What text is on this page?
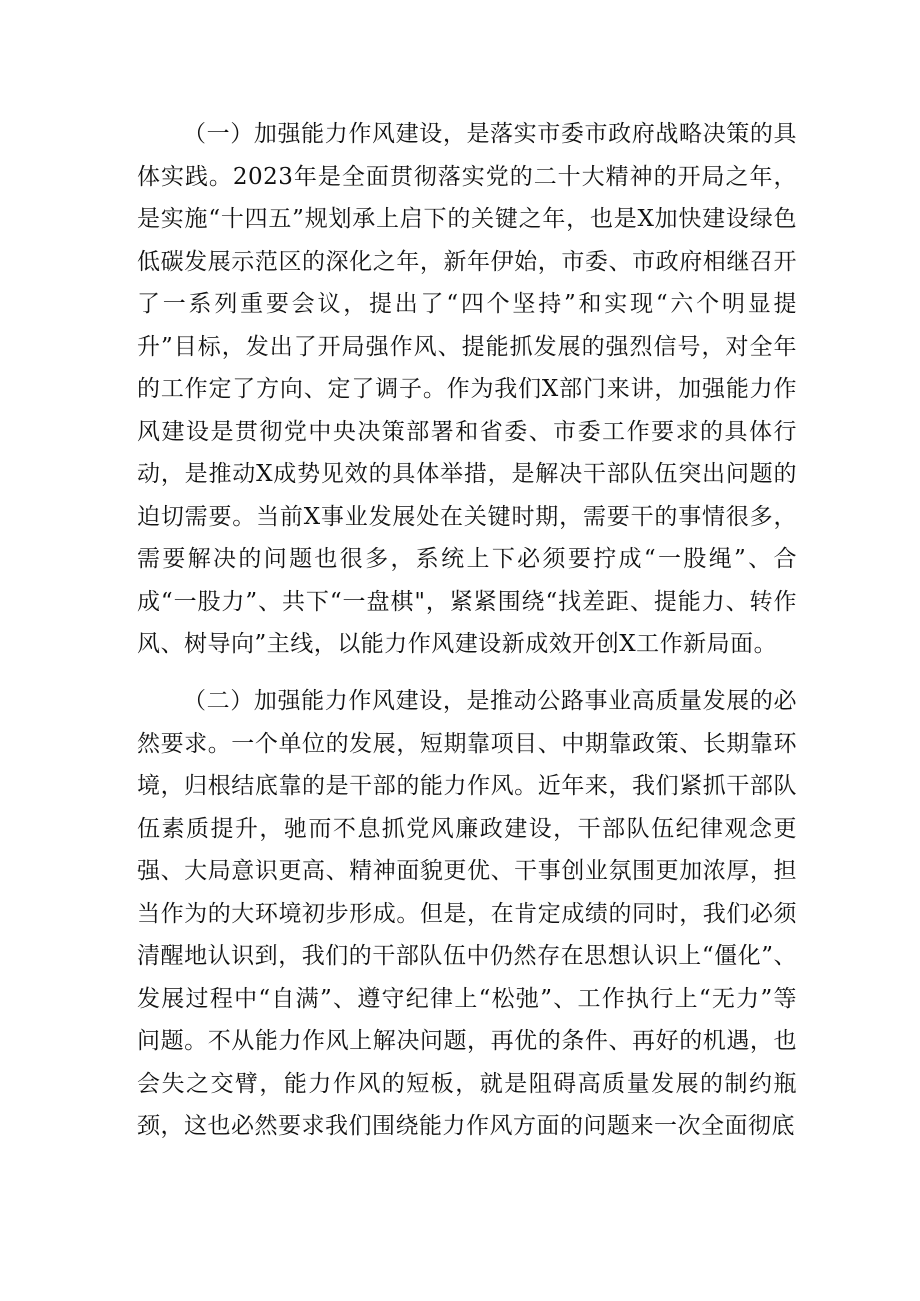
（一）加强能力作风建设，是落实市委市政府战略决策的具体实践。2023年是全面贯彻落实党的二十大精神的开局之年，是实施“十四五”规划承上启下的关键之年，也是X加快建设绿色低碳发展示范区的深化之年，新年伊始，市委、市政府相继召开了一系列重要会议，提出了“四个坚持”和实现“六个明显提升”目标，发出了开局强作风、提能抓发展的强烈信号，对全年的工作定了方向、定了调子。作为我们X部门来讲，加强能力作风建设是贯彻党中央决策部署和省委、市委工作要求的具体行动，是推动X成势见效的具体举措，是解决干部队伍突出问题的迫切需要。当前X事业发展处在关键时期，需要干的事情很多，需要解决的问题也很多，系统上下必须要拧成“一股绳”、合成“一股力”、共下“一盘棋"，紧紧围绕“找差距、提能力、转作风、树导向”主线，以能力作风建设新成效开创X工作新局面。

（二）加强能力作风建设，是推动公路事业高质量发展的必然要求。一个单位的发展，短期靠项目、中期靠政策、长期靠环境，归根结底靠的是干部的能力作风。近年来，我们紧抓干部队伍素质提升，驰而不息抓党风廉政建设，干部队伍纪律观念更强、大局意识更高、精神面貌更优、干事创业氛围更加浓厚，担当作为的大环境初步形成。但是，在肯定成绩的同时，我们必须清醒地认识到，我们的干部队伍中仍然存在思想认识上“僵化”、发展过程中“自满”、遵守纪律上“松弛”、工作执行上“无力”等问题。不从能力作风上解决问题，再优的条件、再好的机遇，也会失之交臂，能力作风的短板，就是阻碍高质量发展的制约瓶颈，这也必然要求我们围绕能力作风方面的问题来一次全面彻底
